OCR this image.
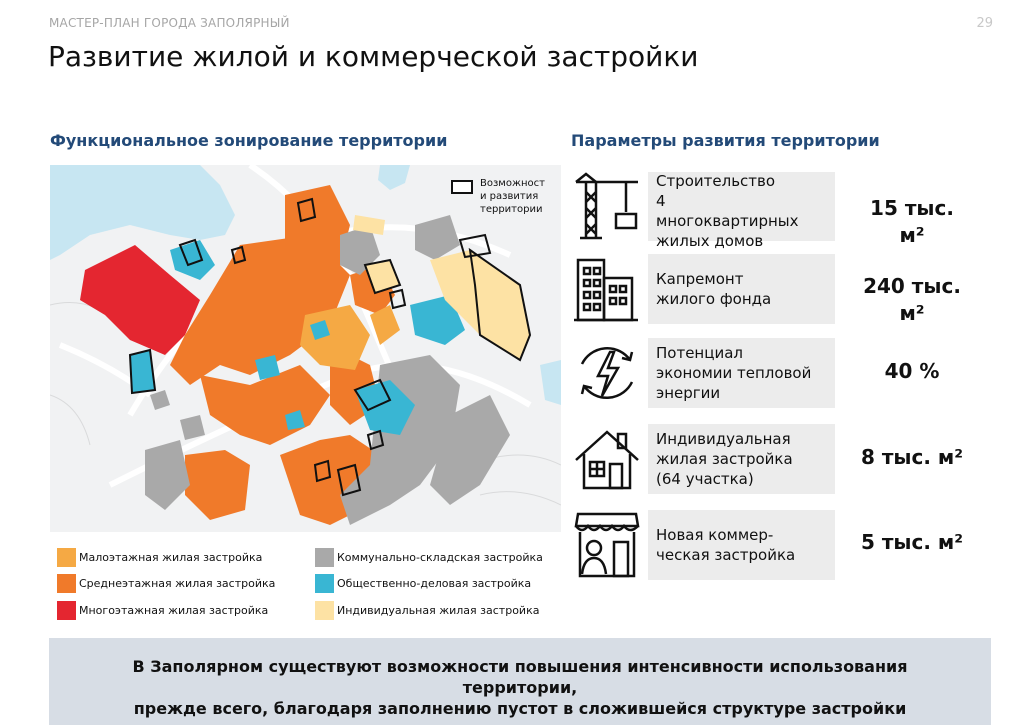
МАСТЕР-ПЛАН ГОРОДА ЗАПОЛЯРНЫЙ	29
Развитие жилой и коммерческой застройки
Функциональное зонирование территории	Параметры развития территории
Возможност
и развития
территории
Малоэтажная жилая застройка
Среднеэтажная жилая застройка
Многоэтажная жилая застройка
Коммунально-складская застройка
Общественно-деловая застройка
Индивидуальная жилая застройка
Строительство
4
многоквартирных
жилых домов
15 тыс.
м²
Капремонт
жилого фонда
240 тыс.
м²
Потенциал
экономии тепловой
энергии
40 %
Индивидуальная
жилая застройка
(64 участка)
8 тыс. м²
Новая коммер-
ческая застройка
5 тыс. м²
В Заполярном существуют возможности повышения интенсивности использования
территории,
прежде всего, благодаря заполнению пустот в сложившейся структуре застройки
